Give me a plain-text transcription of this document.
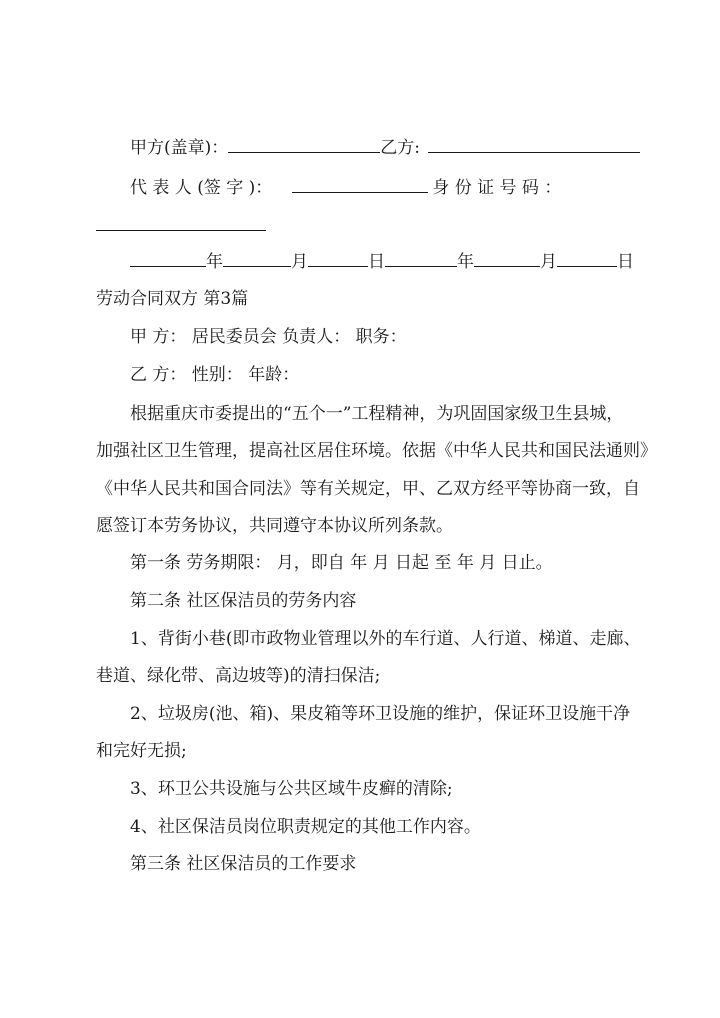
甲方(盖章)：	乙方:
代 表 人 (签 字 )：	身 份 证 号 码 ：
年	月	日	年	月	日
劳动合同双方 第3篇
甲 方： 居民委员会 负责人： 职务：
乙 方： 性别： 年龄：
根据重庆市委提出的“五个一”工程精神，为巩固国家级卫生县城，
加强社区卫生管理，提高社区居住环境。依据《中华人民共和国民法通则》
《中华人民共和国合同法》等有关规定，甲、乙双方经平等协商一致，自
愿签订本劳务协议，共同遵守本协议所列条款。
第一条 劳务期限： 月，即自 年 月 日起 至 年 月 日止。
第二条 社区保洁员的劳务内容
1、背街小巷(即市政物业管理以外的车行道、人行道、梯道、走廊、
巷道、绿化带、高边坡等)的清扫保洁;
2、垃圾房(池、箱)、果皮箱等环卫设施的维护，保证环卫设施干净
和完好无损;
3、环卫公共设施与公共区域牛皮癣的清除;
4、社区保洁员岗位职责规定的其他工作内容。
第三条 社区保洁员的工作要求
